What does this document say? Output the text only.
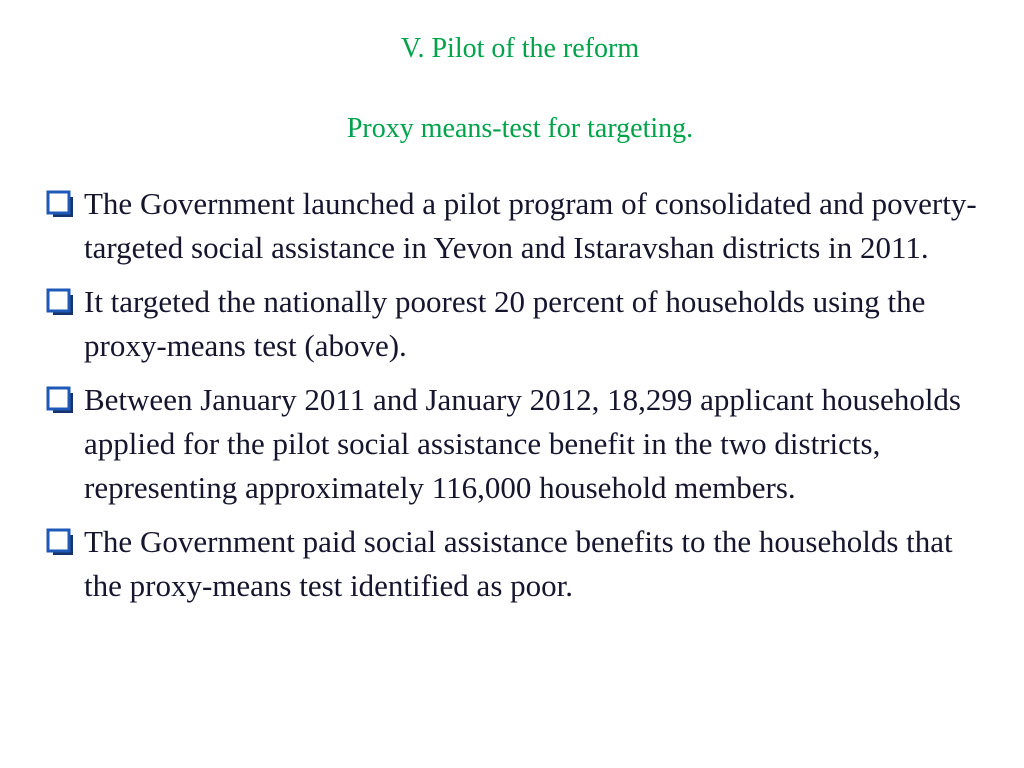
V. Pilot of the reform
Proxy means-test for targeting.
The Government launched a pilot program of consolidated and poverty-targeted social assistance in Yevon and Istaravshan districts in 2011.
It targeted the nationally poorest 20 percent of households using the proxy-means test (above).
Between January 2011 and January 2012, 18,299 applicant households applied for the pilot social assistance benefit in the two districts, representing approximately 116,000 household members.
The Government paid social assistance benefits to the households that the proxy-means test identified as poor.
